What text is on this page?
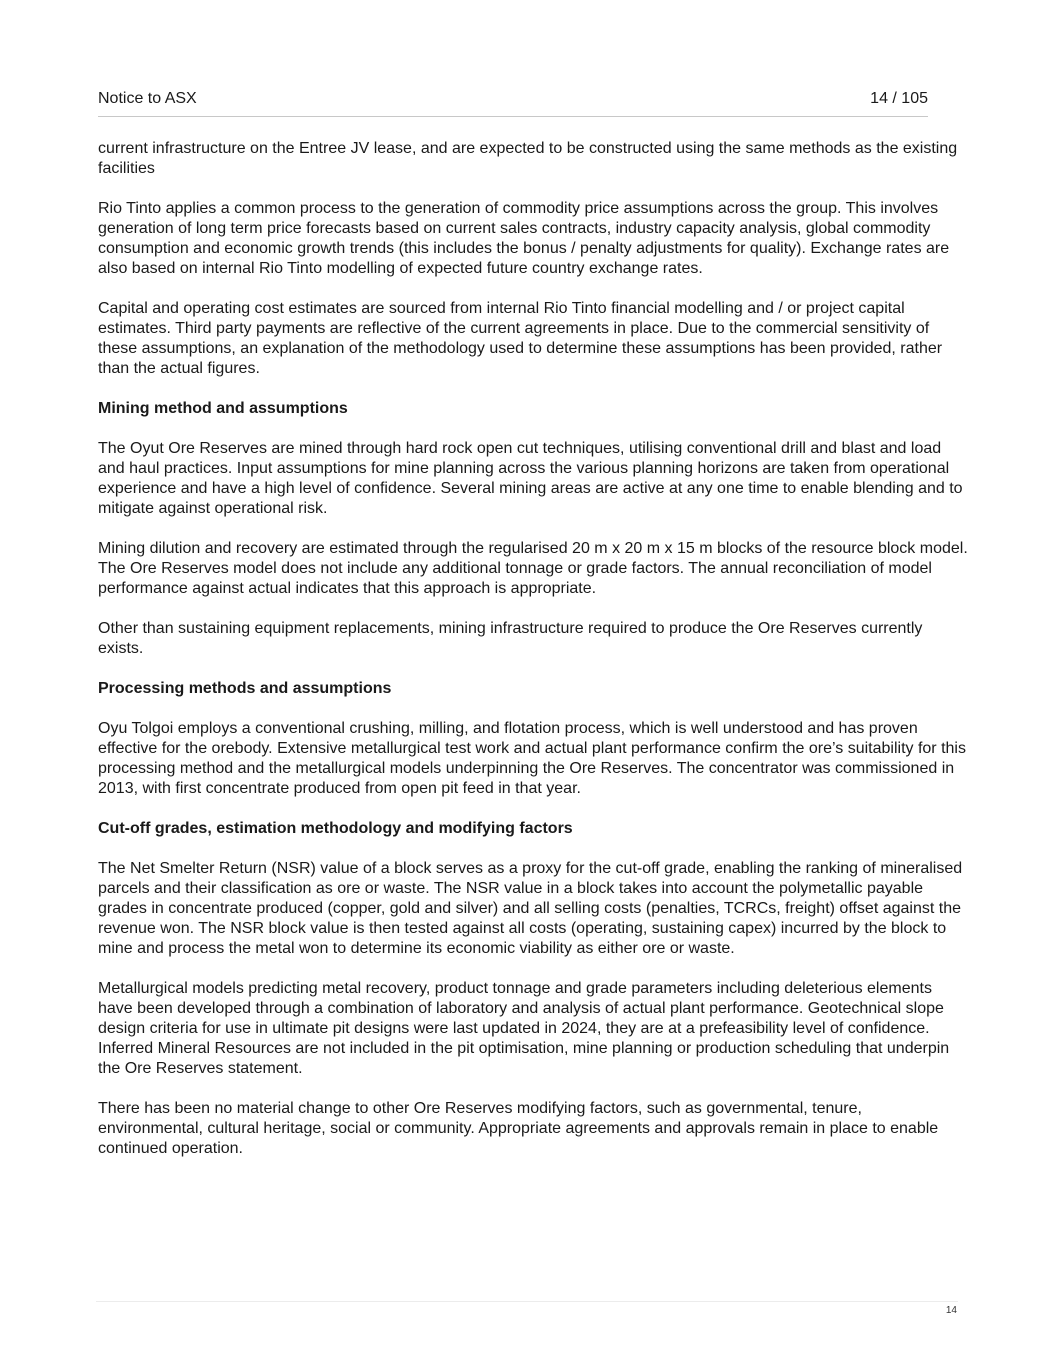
Notice to ASX	14 / 105

current infrastructure on the Entree JV lease, and are expected to be constructed using the same methods as the existing facilities

Rio Tinto applies a common process to the generation of commodity price assumptions across the group. This involves generation of long term price forecasts based on current sales contracts, industry capacity analysis, global commodity consumption and economic growth trends (this includes the bonus / penalty adjustments for quality). Exchange rates are also based on internal Rio Tinto modelling of expected future country exchange rates.

Capital and operating cost estimates are sourced from internal Rio Tinto financial modelling and / or project capital estimates. Third party payments are reflective of the current agreements in place. Due to the commercial sensitivity of these assumptions, an explanation of the methodology used to determine these assumptions has been provided, rather than the actual figures.

Mining method and assumptions

The Oyut Ore Reserves are mined through hard rock open cut techniques, utilising conventional drill and blast and load and haul practices. Input assumptions for mine planning across the various planning horizons are taken from operational experience and have a high level of confidence. Several mining areas are active at any one time to enable blending and to mitigate against operational risk.

Mining dilution and recovery are estimated through the regularised 20 m x 20 m x 15 m blocks of the resource block model. The Ore Reserves model does not include any additional tonnage or grade factors. The annual reconciliation of model performance against actual indicates that this approach is appropriate.

Other than sustaining equipment replacements, mining infrastructure required to produce the Ore Reserves currently exists.

Processing methods and assumptions

Oyu Tolgoi employs a conventional crushing, milling, and flotation process, which is well understood and has proven effective for the orebody. Extensive metallurgical test work and actual plant performance confirm the ore’s suitability for this processing method and the metallurgical models underpinning the Ore Reserves. The concentrator was commissioned in 2013, with first concentrate produced from open pit feed in that year.

Cut-off grades, estimation methodology and modifying factors

The Net Smelter Return (NSR) value of a block serves as a proxy for the cut-off grade, enabling the ranking of mineralised parcels and their classification as ore or waste. The NSR value in a block takes into account the polymetallic payable grades in concentrate produced (copper, gold and silver) and all selling costs (penalties, TCRCs, freight) offset against the revenue won. The NSR block value is then tested against all costs (operating, sustaining capex) incurred by the block to mine and process the metal won to determine its economic viability as either ore or waste.

Metallurgical models predicting metal recovery, product tonnage and grade parameters including deleterious elements have been developed through a combination of laboratory and analysis of actual plant performance. Geotechnical slope design criteria for use in ultimate pit designs were last updated in 2024, they are at a prefeasibility level of confidence.       Inferred Mineral Resources are not included in the pit optimisation, mine planning or production scheduling that underpin the Ore Reserves statement.

There has been no material change to other Ore Reserves modifying factors, such as governmental, tenure, environmental, cultural heritage, social or community. Appropriate agreements and approvals remain in place to enable continued operation.

14
